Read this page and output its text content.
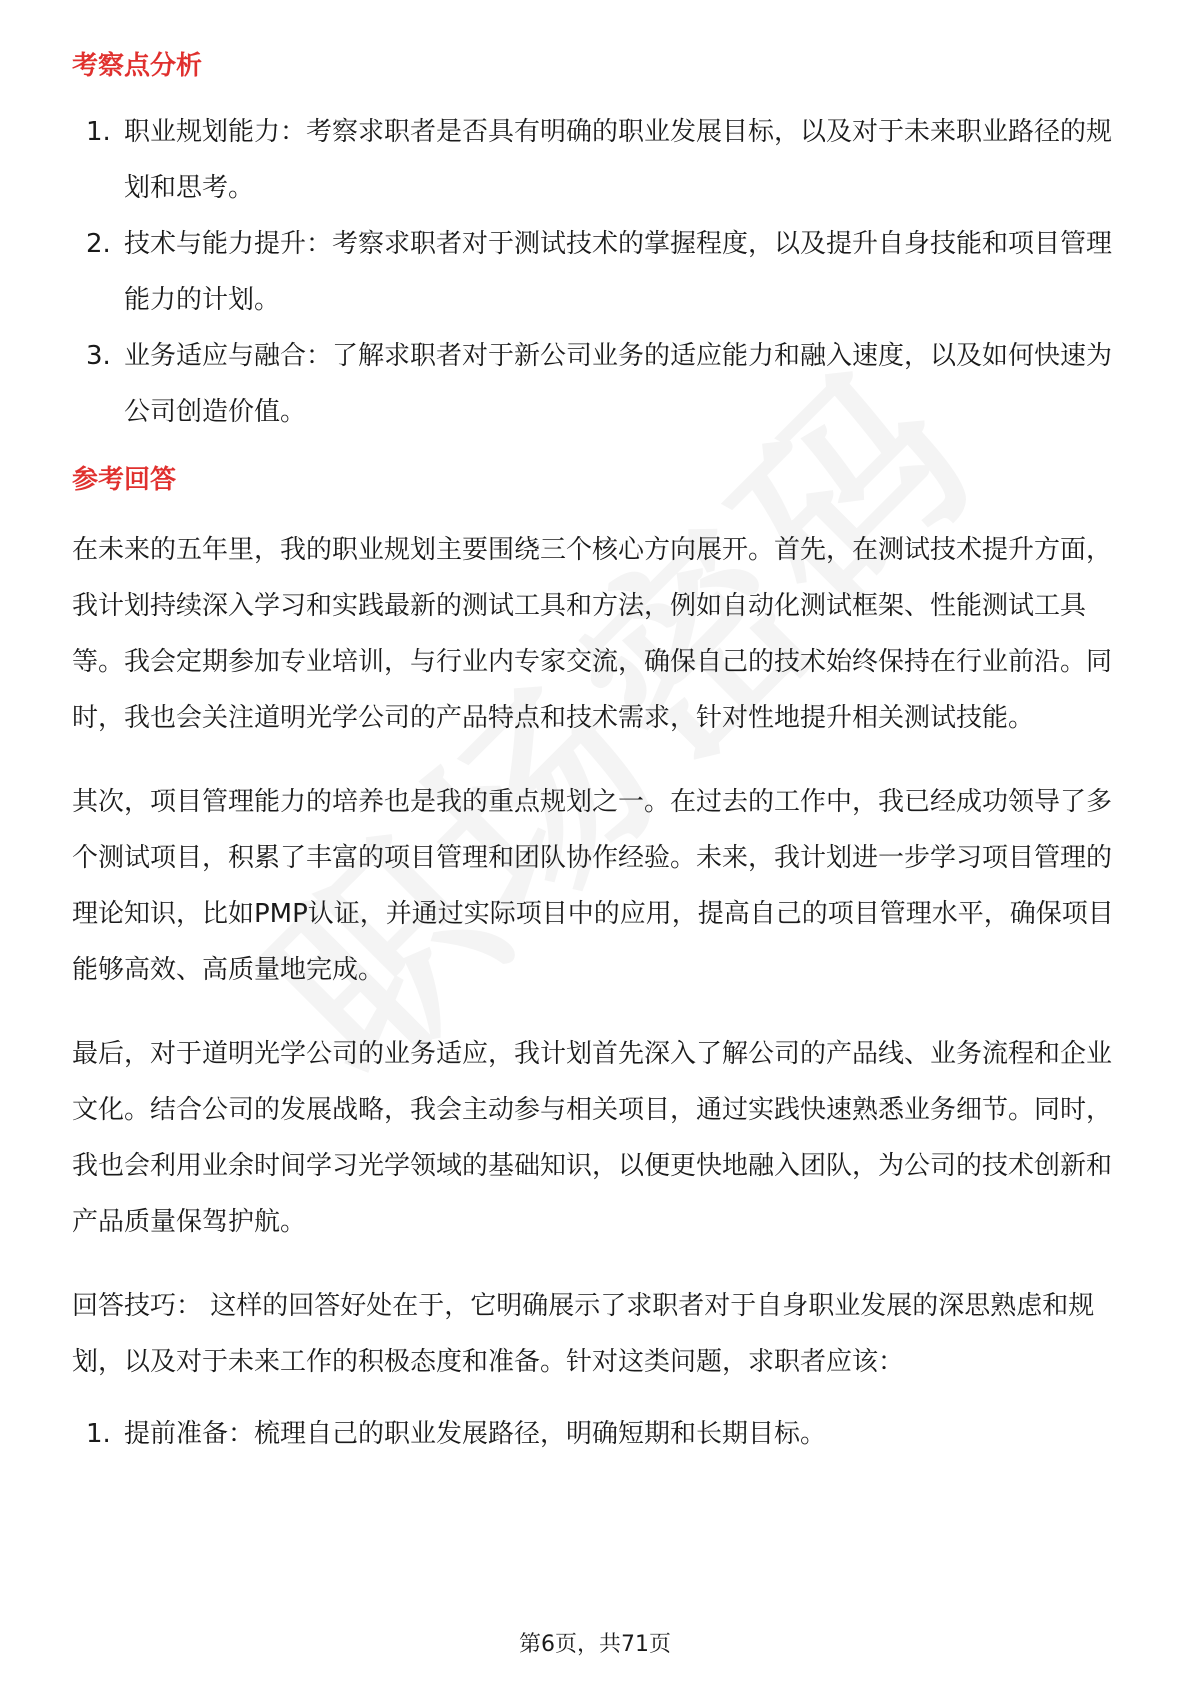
考察点分析
1. 职业规划能力：考察求职者是否具有明确的职业发展目标，以及对于未来职业路径的规划和思考。
2. 技术与能力提升：考察求职者对于测试技术的掌握程度，以及提升自身技能和项目管理能力的计划。
3. 业务适应与融合：了解求职者对于新公司业务的适应能力和融入速度，以及如何快速为公司创造价值。
参考回答

在未来的五年里，我的职业规划主要围绕三个核心方向展开。首先，在测试技术提升方面，我计划持续深入学习和实践最新的测试工具和方法，例如自动化测试框架、性能测试工具等。我会定期参加专业培训，与行业内专家交流，确保自己的技术始终保持在行业前沿。同时，我也会关注道明光学公司的产品特点和技术需求，针对性地提升相关测试技能。

其次，项目管理能力的培养也是我的重点规划之一。在过去的工作中，我已经成功领导了多个测试项目，积累了丰富的项目管理和团队协作经验。未来，我计划进一步学习项目管理的理论知识，比如PMP认证，并通过实际项目中的应用，提高自己的项目管理水平，确保项目能够高效、高质量地完成。

最后，对于道明光学公司的业务适应，我计划首先深入了解公司的产品线、业务流程和企业文化。结合公司的发展战略，我会主动参与相关项目，通过实践快速熟悉业务细节。同时，我也会利用业余时间学习光学领域的基础知识，以便更快地融入团队，为公司的技术创新和产品质量保驾护航。

回答技巧： 这样的回答好处在于，它明确展示了求职者对于自身职业发展的深思熟虑和规划，以及对于未来工作的积极态度和准备。针对这类问题，求职者应该：

1. 提前准备：梳理自己的职业发展路径，明确短期和长期目标。
第6页，共71页
